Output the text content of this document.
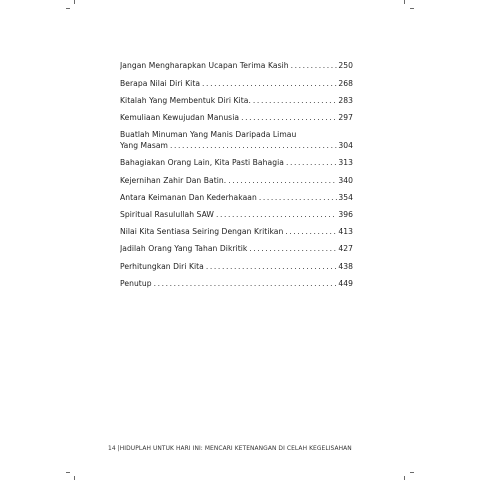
Jangan Mengharapkan Ucapan Terima Kasih .....	250
Berapa Nilai Diri Kita .....	268
Kitalah Yang Membentuk Diri Kita. .....	283
Kemuliaan Kewujudan Manusia .....	297
Buatlah Minuman Yang Manis Daripada Limau
Yang Masam .....	304
Bahagiakan Orang Lain, Kita Pasti Bahagia .....	313
Kejernihan Zahir Dan Batin. .....	340
Antara Keimanan Dan Kederhakaan .....	354
Spiritual Rasulullah SAW .....	396
Nilai Kita Sentiasa Seiring Dengan Kritikan .....	413
Jadilah Orang Yang Tahan Dikritik .....	427
Perhitungkan Diri Kita .....	438
Penutup .....	449
14 |HIDUPLAH UNTUK HARI INI: MENCARI KETENANGAN DI CELAH KEGELISAHAN
